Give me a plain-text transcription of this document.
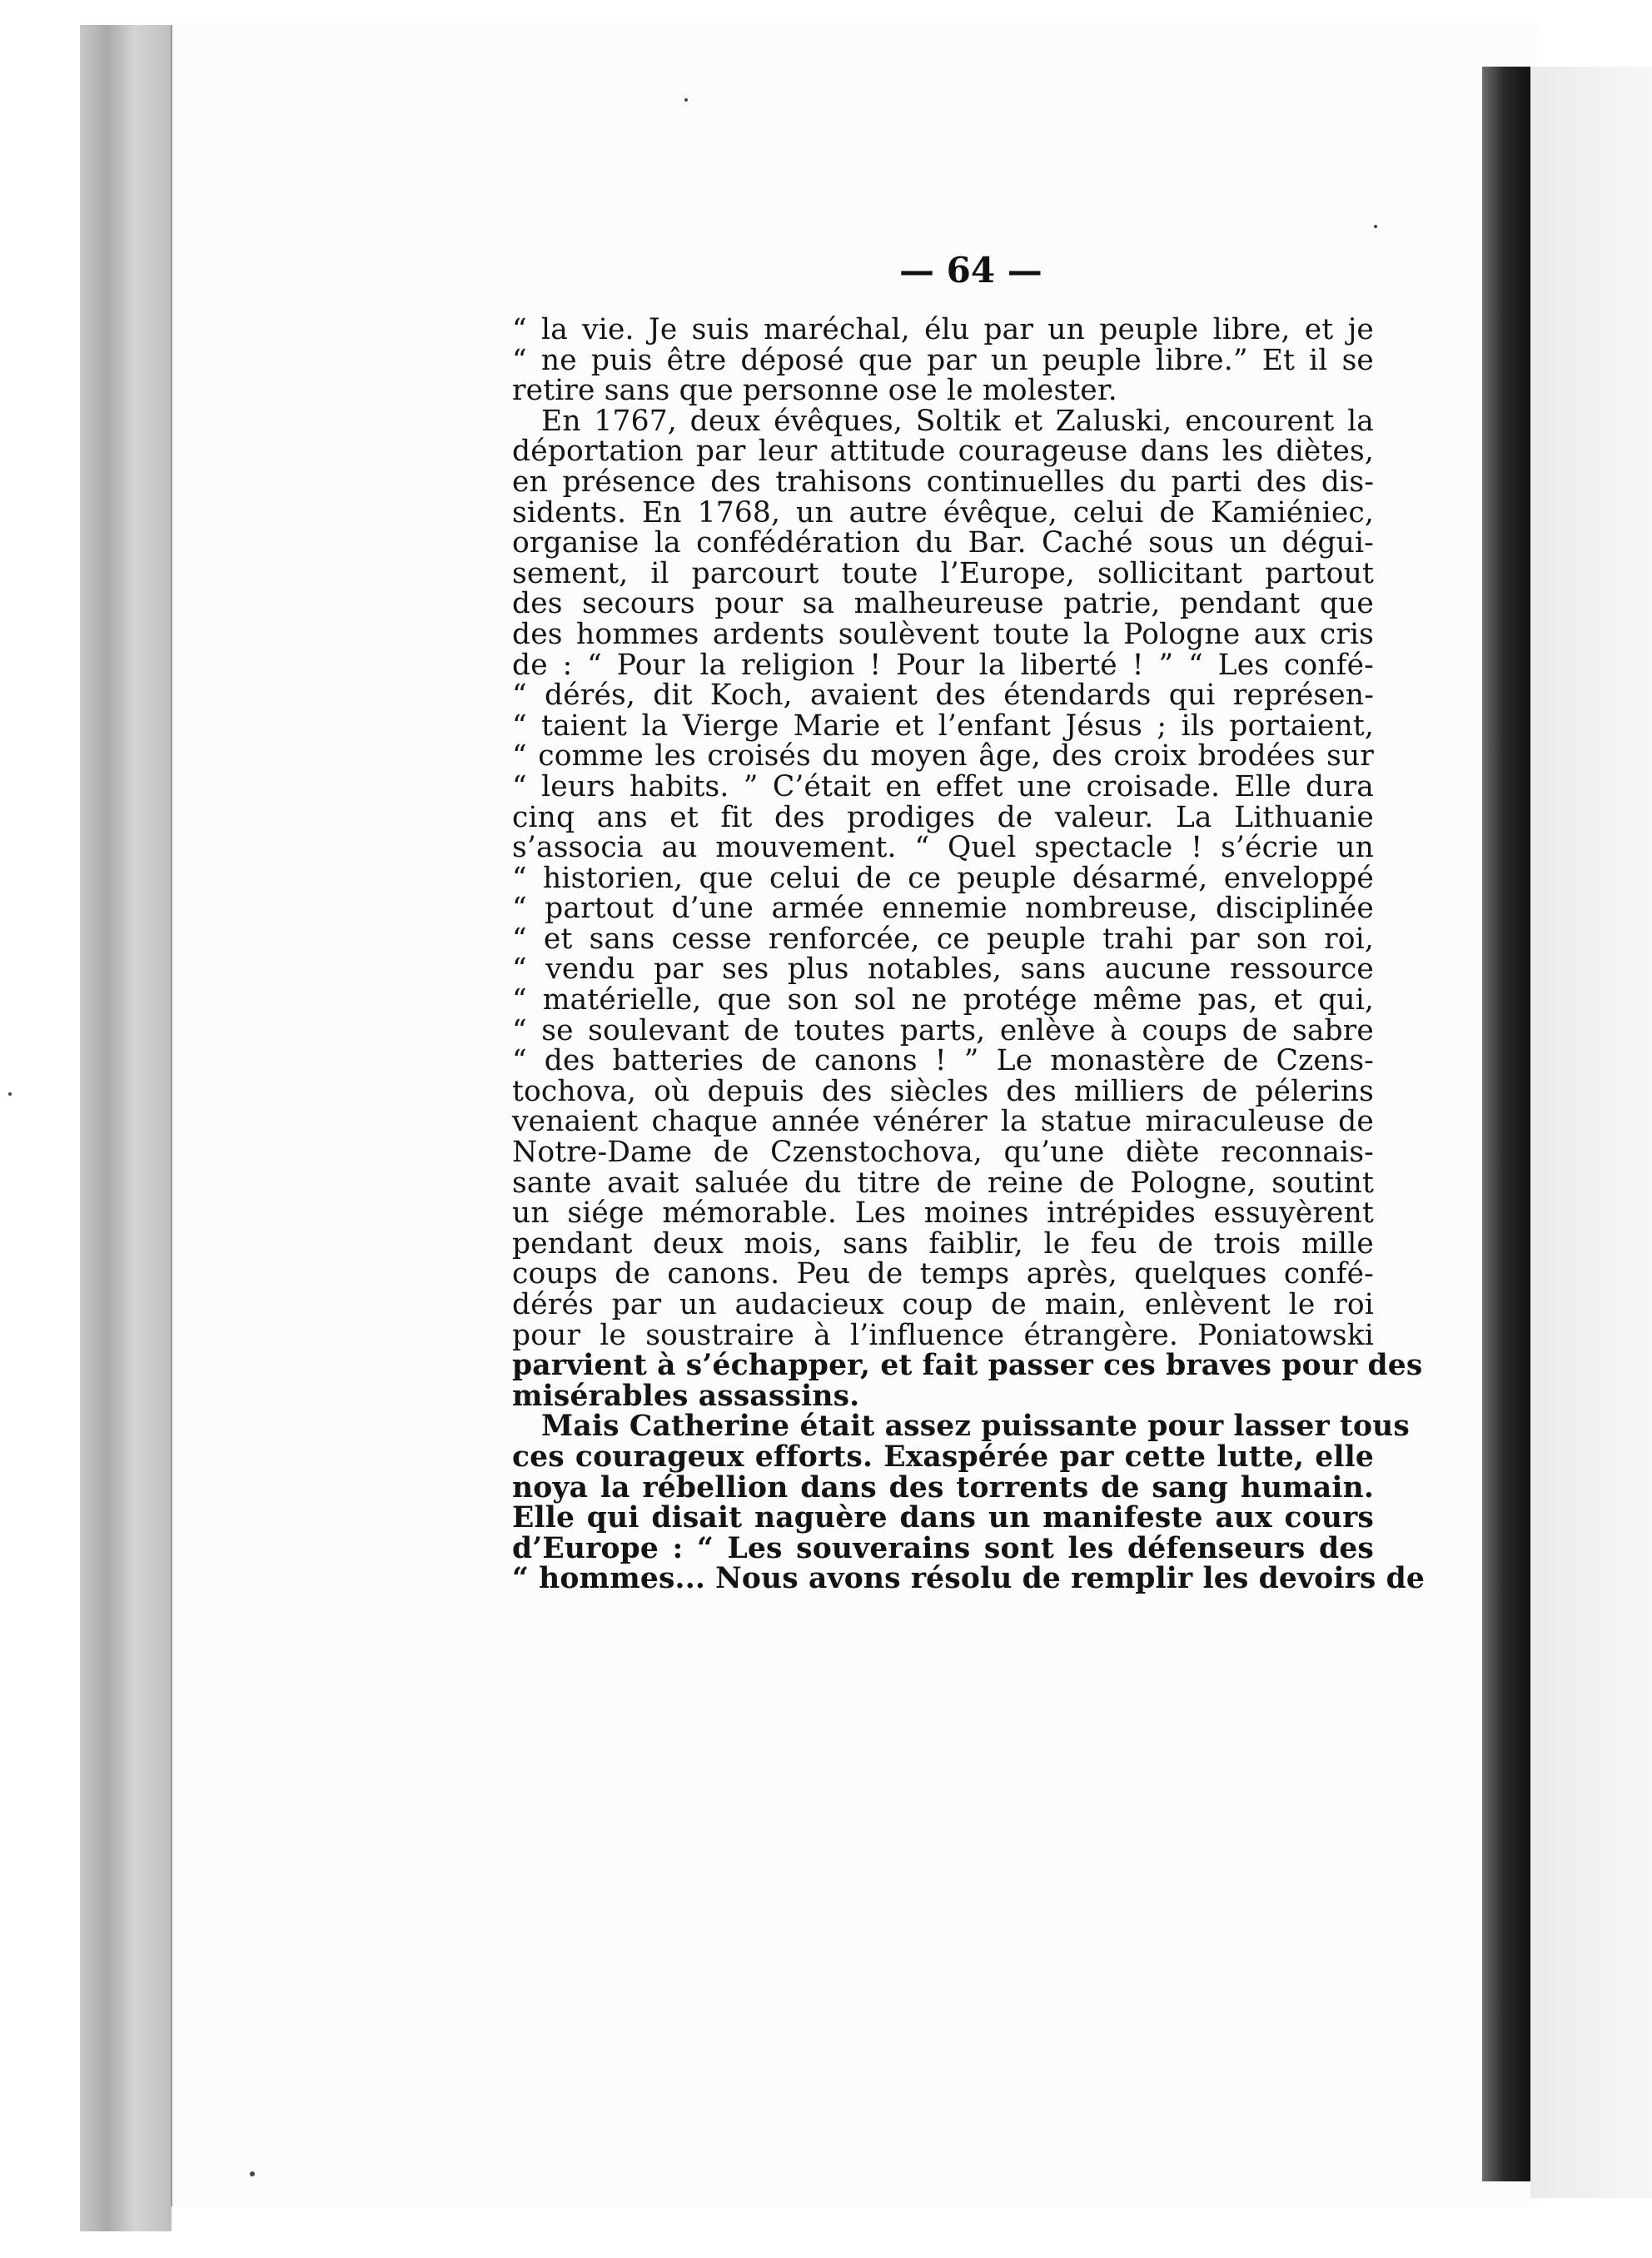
— 64 —
“ la vie. Je suis maréchal, élu par un peuple libre, et je
“ ne puis être déposé que par un peuple libre.” Et il se
retire sans que personne ose le molester.
En 1767, deux évêques, Soltik et Zaluski, encourent la
déportation par leur attitude courageuse dans les diètes,
en présence des trahisons continuelles du parti des dis-
sidents. En 1768, un autre évêque, celui de Kamiéniec,
organise la confédération du Bar. Caché sous un dégui-
sement, il parcourt toute l’Europe, sollicitant partout
des secours pour sa malheureuse patrie, pendant que
des hommes ardents soulèvent toute la Pologne aux cris
de : “ Pour la religion ! Pour la liberté ! ” “ Les confé-
“ dérés, dit Koch, avaient des étendards qui représen-
“ taient la Vierge Marie et l’enfant Jésus ; ils portaient,
“ comme les croisés du moyen âge, des croix brodées sur
“ leurs habits. ” C’était en effet une croisade. Elle dura
cinq ans et fit des prodiges de valeur. La Lithuanie
s’associa au mouvement. “ Quel spectacle ! s’écrie un
“ historien, que celui de ce peuple désarmé, enveloppé
“ partout d’une armée ennemie nombreuse, disciplinée
“ et sans cesse renforcée, ce peuple trahi par son roi,
“ vendu par ses plus notables, sans aucune ressource
“ matérielle, que son sol ne protége même pas, et qui,
“ se soulevant de toutes parts, enlève à coups de sabre
“ des batteries de canons ! ” Le monastère de Czens-
tochova, où depuis des siècles des milliers de pélerins
venaient chaque année vénérer la statue miraculeuse de
Notre-Dame de Czenstochova, qu’une diète reconnais-
sante avait saluée du titre de reine de Pologne, soutint
un siége mémorable. Les moines intrépides essuyèrent
pendant deux mois, sans faiblir, le feu de trois mille
coups de canons. Peu de temps après, quelques confé-
dérés par un audacieux coup de main, enlèvent le roi
pour le soustraire à l’influence étrangère. Poniatowski
parvient à s’échapper, et fait passer ces braves pour des
misérables assassins.
Mais Catherine était assez puissante pour lasser tous
ces courageux efforts. Exaspérée par cette lutte, elle
noya la rébellion dans des torrents de sang humain.
Elle qui disait naguère dans un manifeste aux cours
d’Europe : “ Les souverains sont les défenseurs des
“ hommes... Nous avons résolu de remplir les devoirs de
